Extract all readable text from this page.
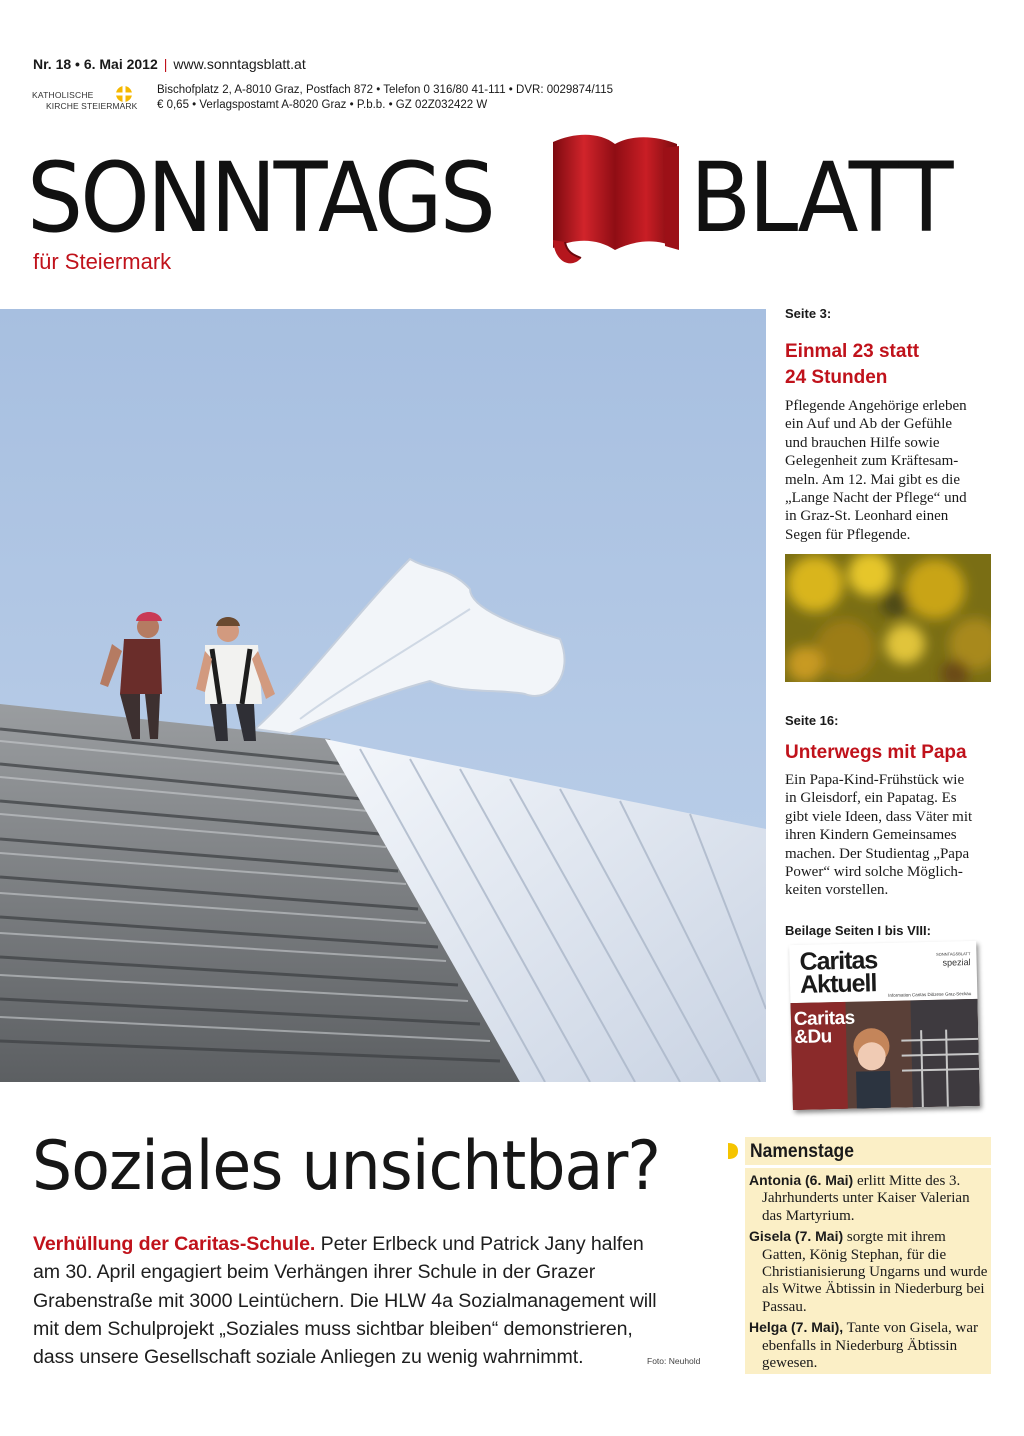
Nr. 18 • 6. Mai 2012 | www.sonntagsblatt.at
KATHOLISCHE
KIRCHE STEIERMARK
Bischofplatz 2, A-8010 Graz, Postfach 872 • Telefon 0 316/80 41-111 • DVR: 0029874/115
€ 0,65 • Verlagspostamt A-8020 Graz • P.b.b. • GZ 02Z032422 W
SONNTAGS BLATT
für Steiermark
Seite 3:
Einmal 23 statt
24 Stunden
Pflegende Angehörige erleben
ein Auf und Ab der Gefühle
und brauchen Hilfe sowie
Gelegenheit zum Kräftesam-
meln. Am 12. Mai gibt es die
„Lange Nacht der Pflege“ und
in Graz-St. Leonhard einen
Segen für Pflegende.
Seite 16:
Unterwegs mit Papa
Ein Papa-Kind-Frühstück wie
in Gleisdorf, ein Papatag. Es
gibt viele Ideen, dass Väter mit
ihren Kindern Gemeinsames
machen. Der Studientag „Papa
Power“ wird solche Möglich-
keiten vorstellen.
Beilage Seiten I bis VIII:
Caritas
Aktuell
SONNTAGSBLATT
spezial
Information Caritas Diözese Graz-Seckau
Caritas
&Du
Soziales unsichtbar?
Verhüllung der Caritas-Schule. Peter Erlbeck und Patrick Jany halfen
am 30. April engagiert beim Verhängen ihrer Schule in der Grazer
Grabenstraße mit 3000 Leintüchern. Die HLW 4a Sozialmanagement will
mit dem Schulprojekt „Soziales muss sichtbar bleiben“ demonstrieren,
dass unsere Gesellschaft soziale Anliegen zu wenig wahrnimmt.	Foto: Neuhold
Namenstage
Antonia (6. Mai) erlitt Mitte des 3. Jahrhunderts unter Kaiser Valerian das Martyrium.
Gisela (7. Mai) sorgte mit ihrem Gatten, König Stephan, für die Christianisierung Ungarns und wurde als Witwe Äbtissin in Niederburg bei Passau.
Helga (7. Mai), Tante von Gisela, war ebenfalls in Niederburg Äbtissin gewesen.
